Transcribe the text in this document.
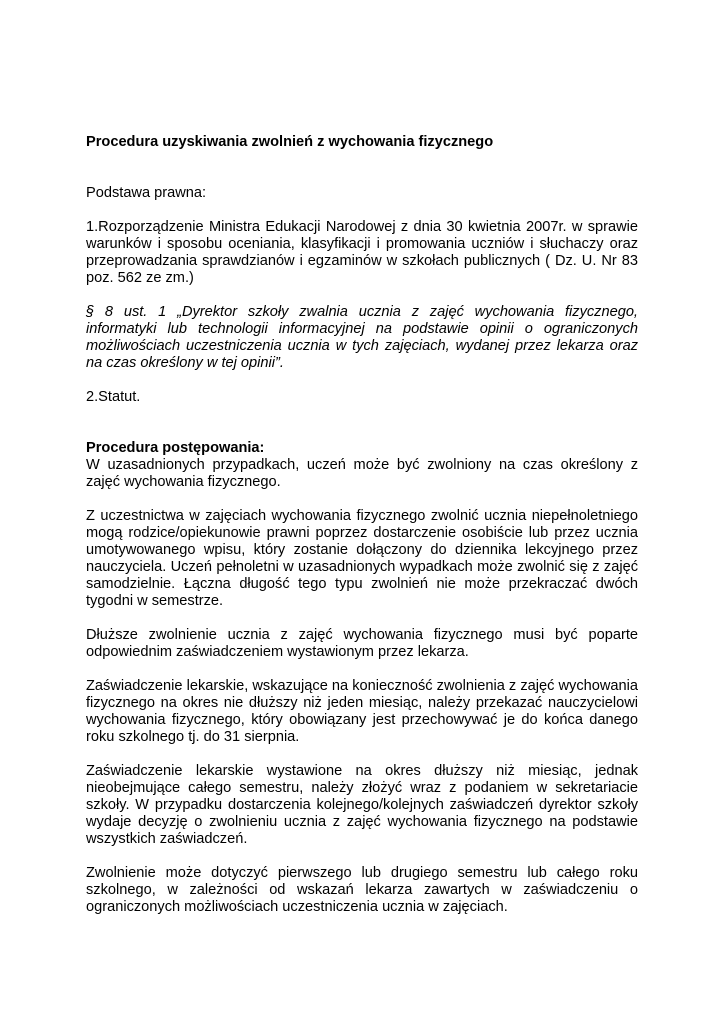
Procedura uzyskiwania zwolnień z wychowania fizycznego

Podstawa prawna:

1.Rozporządzenie Ministra Edukacji Narodowej z dnia 30 kwietnia 2007r. w sprawie warunków i sposobu oceniania, klasyfikacji i promowania uczniów i słuchaczy oraz przeprowadzania sprawdzianów i egzaminów w szkołach publicznych ( Dz. U. Nr 83 poz. 562 ze zm.)

§ 8 ust. 1 „Dyrektor szkoły zwalnia ucznia z zajęć wychowania fizycznego, informatyki lub technologii informacyjnej na podstawie opinii o ograniczonych możliwościach uczestniczenia ucznia w tych zajęciach, wydanej przez lekarza oraz na czas określony w tej opinii”.

2.Statut.

Procedura postępowania:

W uzasadnionych przypadkach, uczeń może być zwolniony na czas określony z zajęć wychowania fizycznego.

Z uczestnictwa w zajęciach wychowania fizycznego zwolnić ucznia niepełnoletniego mogą rodzice/opiekunowie prawni poprzez dostarczenie osobiście lub przez ucznia umotywowanego wpisu, który zostanie dołączony do dziennika lekcyjnego przez nauczyciela. Uczeń pełnoletni w uzasadnionych wypadkach może zwolnić się z zajęć samodzielnie. Łączna długość tego typu zwolnień nie może przekraczać dwóch tygodni w semestrze.

Dłuższe zwolnienie ucznia z zajęć wychowania fizycznego musi być poparte odpowiednim zaświadczeniem wystawionym przez lekarza.

Zaświadczenie lekarskie, wskazujące na konieczność zwolnienia z zajęć wychowania fizycznego na okres nie dłuższy niż jeden miesiąc, należy przekazać nauczycielowi wychowania fizycznego, który obowiązany jest przechowywać je do końca danego roku szkolnego tj. do 31 sierpnia.

Zaświadczenie lekarskie wystawione na okres dłuższy niż miesiąc, jednak nieobejmujące całego semestru, należy złożyć wraz z podaniem w sekretariacie szkoły. W przypadku dostarczenia kolejnego/kolejnych zaświadczeń dyrektor szkoły wydaje decyzję o zwolnieniu ucznia z zajęć wychowania fizycznego na podstawie wszystkich zaświadczeń.

Zwolnienie może dotyczyć pierwszego lub drugiego semestru lub całego roku szkolnego, w zależności od wskazań lekarza zawartych w zaświadczeniu o ograniczonych możliwościach uczestniczenia ucznia w zajęciach.
